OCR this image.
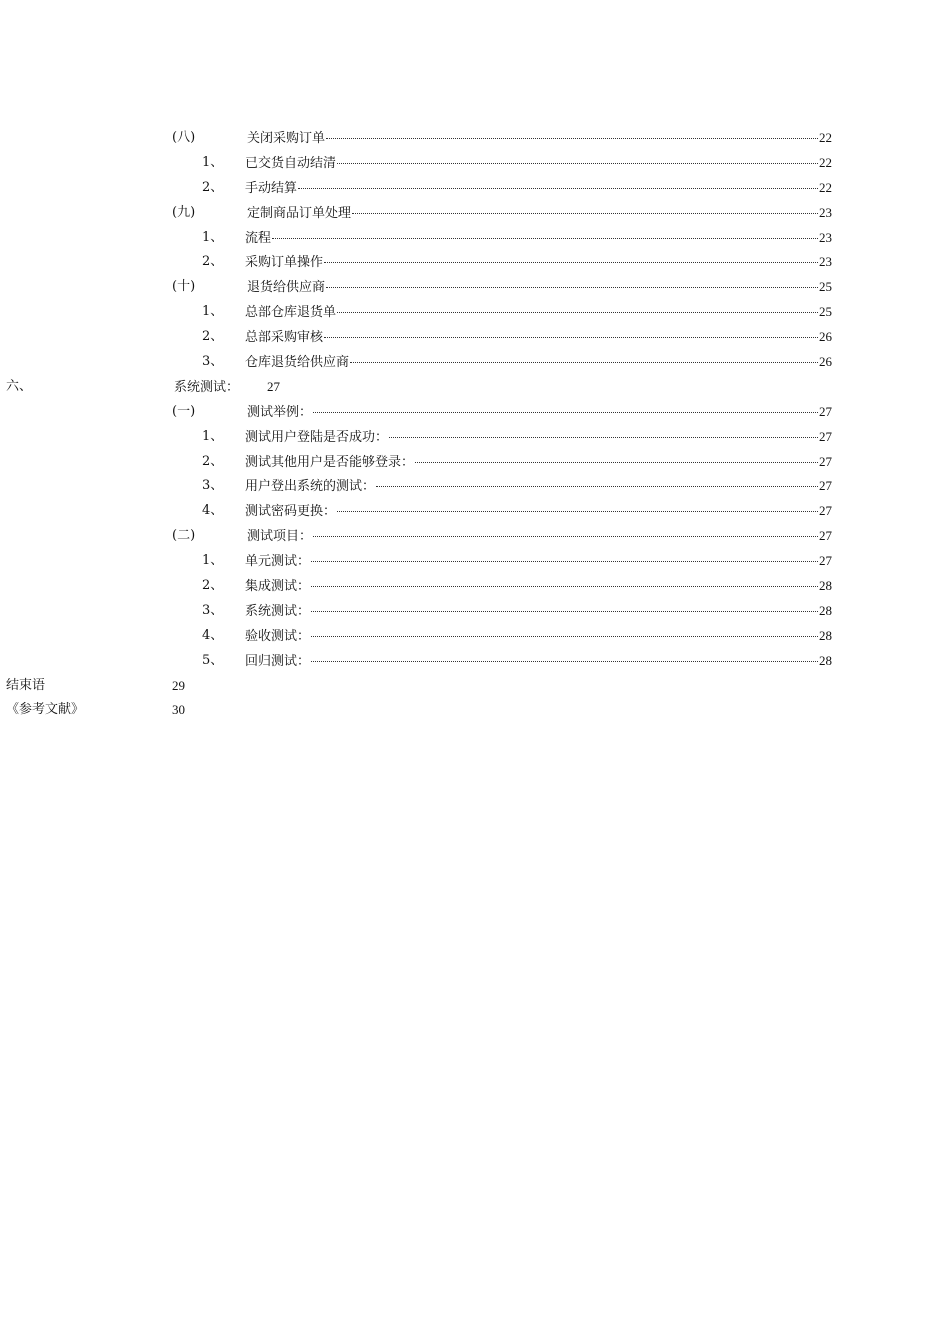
(八)	关闭采购订单	22
1、 已交货自动结清	22
2、 手动结算	22
(九)	定制商品订单处理	23
1、 流程	23
2、 采购订单操作	23
(十)	退货给供应商	25
1、 总部仓库退货单	25
2、 总部采购审核	26
3、 仓库退货给供应商	26
六、	系统测试： 27
(一)	测试举例：	27
1、 测试用户登陆是否成功：	27
2、 测试其他用户是否能够登录：	27
3、 用户登出系统的测试：	27
4、 测试密码更换：	27
(二)	测试项目：	27
1、 单元测试：	27
2、 集成测试：	28
3、 系统测试：	28
4、 验收测试：	28
5、 回归测试：	28
结束语	29
《参考文献》	30
